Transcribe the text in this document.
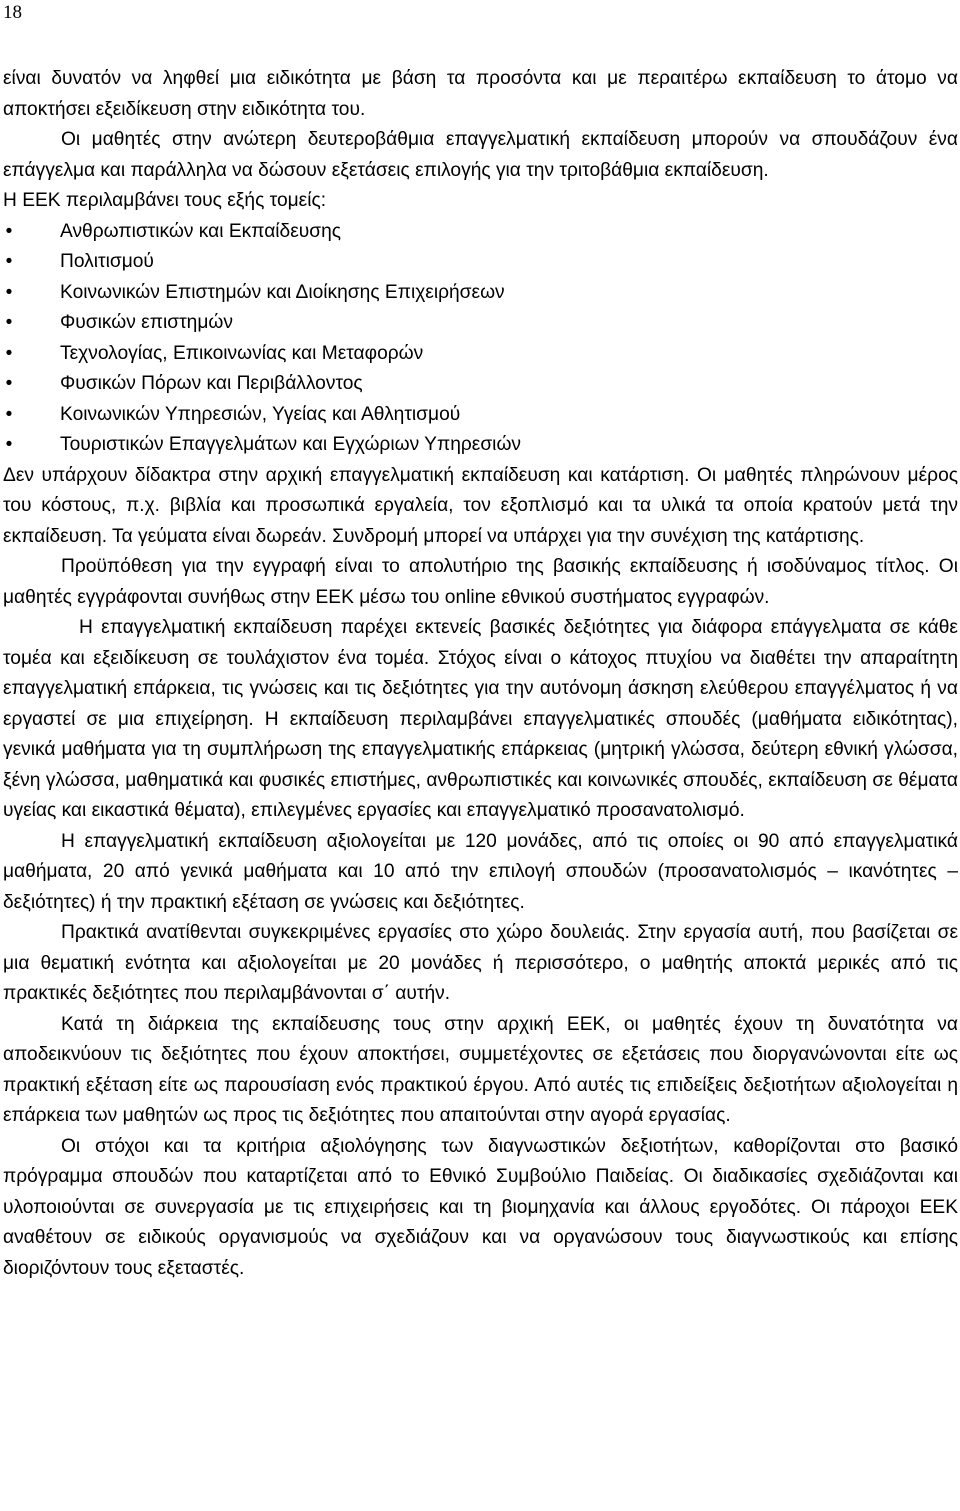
18

είναι δυνατόν να ληφθεί μια ειδικότητα με βάση τα προσόντα και με περαιτέρω εκπαίδευση το άτομο να αποκτήσει εξειδίκευση στην ειδικότητα του.

Οι μαθητές στην ανώτερη δευτεροβάθμια επαγγελματική εκπαίδευση μπορούν να σπουδάζουν ένα επάγγελμα και παράλληλα να δώσουν εξετάσεις επιλογής για την τριτοβάθμια εκπαίδευση.

Η ΕΕΚ περιλαμβάνει τους εξής τομείς:

• Ανθρωπιστικών και Εκπαίδευσης
• Πολιτισμού
• Κοινωνικών Επιστημών και Διοίκησης Επιχειρήσεων
• Φυσικών επιστημών
• Τεχνολογίας, Επικοινωνίας και Μεταφορών
• Φυσικών Πόρων και Περιβάλλοντος
• Κοινωνικών Υπηρεσιών, Υγείας και Αθλητισμού
• Τουριστικών Επαγγελμάτων και Εγχώριων Υπηρεσιών

Δεν υπάρχουν δίδακτρα στην αρχική επαγγελματική εκπαίδευση και κατάρτιση. Οι μαθητές πληρώνουν μέρος του κόστους, π.χ. βιβλία και προσωπικά εργαλεία, τον εξοπλισμό και τα υλικά τα οποία κρατούν μετά την εκπαίδευση. Τα γεύματα είναι δωρεάν. Συνδρομή μπορεί να υπάρχει για την συνέχιση της κατάρτισης.

Προϋπόθεση για την εγγραφή είναι το απολυτήριο της βασικής εκπαίδευσης ή ισοδύναμος τίτλος. Οι μαθητές εγγράφονται συνήθως στην ΕΕΚ μέσω του online εθνικού συστήματος εγγραφών.

Η επαγγελματική εκπαίδευση παρέχει εκτενείς βασικές δεξιότητες για διάφορα επάγγελματα σε κάθε τομέα και εξειδίκευση σε τουλάχιστον ένα τομέα. Στόχος είναι ο κάτοχος πτυχίου να διαθέτει την απαραίτητη επαγγελματική επάρκεια, τις γνώσεις και τις δεξιότητες για την αυτόνομη άσκηση ελεύθερου επαγγέλματος ή να εργαστεί σε μια επιχείρηση. Η εκπαίδευση περιλαμβάνει επαγγελματικές σπουδές (μαθήματα ειδικότητας), γενικά μαθήματα για τη συμπλήρωση της επαγγελματικής επάρκειας (μητρική γλώσσα, δεύτερη εθνική γλώσσα, ξένη γλώσσα, μαθηματικά και φυσικές επιστήμες, ανθρωπιστικές και κοινωνικές σπουδές, εκπαίδευση σε θέματα υγείας και εικαστικά θέματα), επιλεγμένες εργασίες και επαγγελματικό προσανατολισμό.

Η επαγγελματική εκπαίδευση αξιολογείται με 120 μονάδες, από τις οποίες οι 90 από επαγγελματικά μαθήματα, 20 από γενικά μαθήματα και 10 από την επιλογή σπουδών (προσανατολισμός – ικανότητες – δεξιότητες) ή την πρακτική εξέταση σε γνώσεις και δεξιότητες.

Πρακτικά ανατίθενται συγκεκριμένες εργασίες στο χώρο δουλειάς. Στην εργασία αυτή, που βασίζεται σε μια θεματική ενότητα και αξιολογείται με 20 μονάδες ή περισσότερο, ο μαθητής αποκτά μερικές από τις πρακτικές δεξιότητες που περιλαμβάνονται σ΄ αυτήν.

Κατά τη διάρκεια της εκπαίδευσης τους στην αρχική ΕΕΚ, οι μαθητές έχουν τη δυνατότητα να αποδεικνύουν τις δεξιότητες που έχουν αποκτήσει, συμμετέχοντες σε εξετάσεις που διοργανώνονται είτε ως πρακτική εξέταση είτε ως παρουσίαση ενός πρακτικού έργου. Από αυτές τις επιδείξεις δεξιοτήτων αξιολογείται η επάρκεια των μαθητών ως προς τις δεξιότητες που απαιτούνται στην αγορά εργασίας.

Οι στόχοι και τα κριτήρια αξιολόγησης των διαγνωστικών δεξιοτήτων, καθορίζονται στο βασικό πρόγραμμα σπουδών που καταρτίζεται από το Εθνικό Συμβούλιο Παιδείας. Οι διαδικασίες σχεδιάζονται και υλοποιούνται σε συνεργασία με τις επιχειρήσεις και τη βιομηχανία και άλλους εργοδότες. Οι πάροχοι ΕΕΚ αναθέτουν σε ειδικούς οργανισμούς να σχεδιάζουν και να οργανώσουν τους διαγνωστικούς και επίσης διοριζόντουν τους εξεταστές.
